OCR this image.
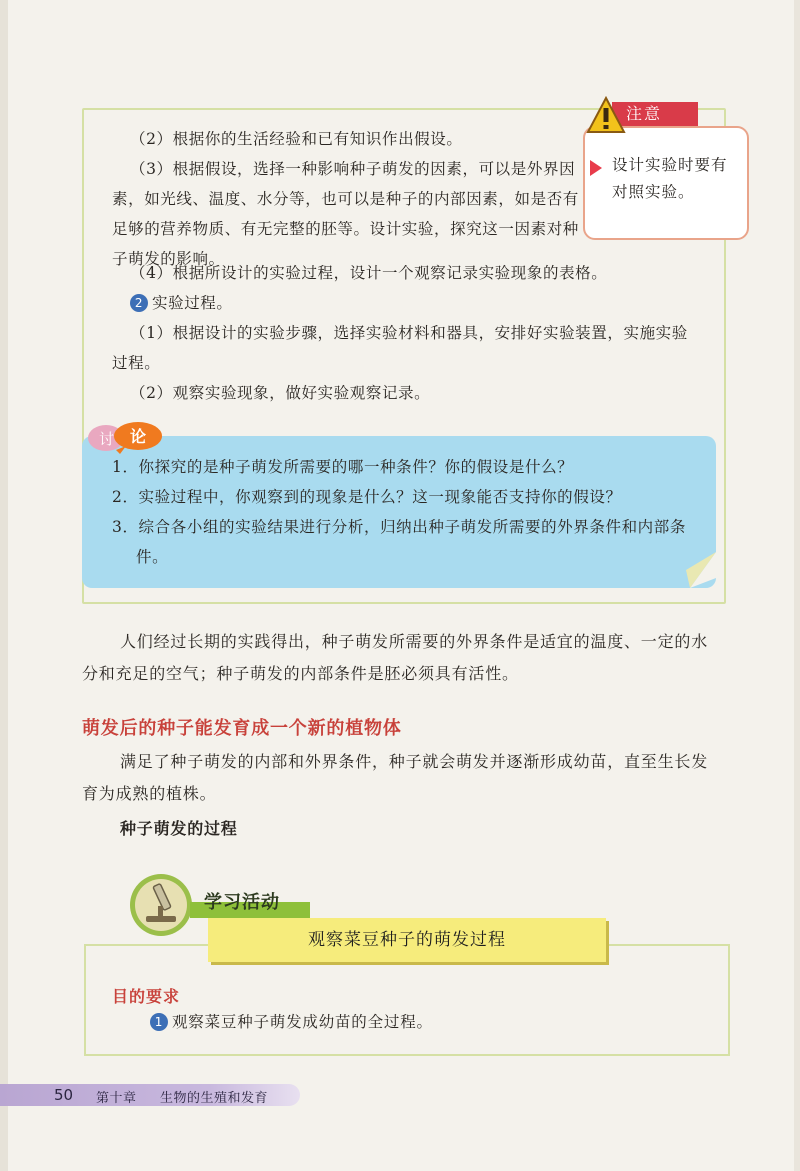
（2）根据你的生活经验和已有知识作出假设。

（3）根据假设，选择一种影响种子萌发的因素，可以是外界因素，如光线、温度、水分等，也可以是种子的内部因素，如是否有足够的营养物质、有无完整的胚等。设计实验，探究这一因素对种子萌发的影响。

（4）根据所设计的实验过程，设计一个观察记录实验现象的表格。

2 实验过程。

（1）根据设计的实验步骤，选择实验材料和器具，安排好实验装置，实施实验过程。

（2）观察实验现象，做好实验观察记录。

注意
设计实验时要有对照实验。
讨 论

1．你探究的是种子萌发所需要的哪一种条件？你的假设是什么？

2．实验过程中，你观察到的现象是什么？这一现象能否支持你的假设？

3．综合各小组的实验结果进行分析，归纳出种子萌发所需要的外界条件和内部条件。

人们经过长期的实践得出，种子萌发所需要的外界条件是适宜的温度、一定的水分和充足的空气；种子萌发的内部条件是胚必须具有活性。

萌发后的种子能发育成一个新的植物体

满足了种子萌发的内部和外界条件，种子就会萌发并逐渐形成幼苗，直至生长发育为成熟的植株。

种子萌发的过程
学习活动
观察菜豆种子的萌发过程
目的要求
1 观察菜豆种子萌发成幼苗的全过程。
50 第十章 生物的生殖和发育
